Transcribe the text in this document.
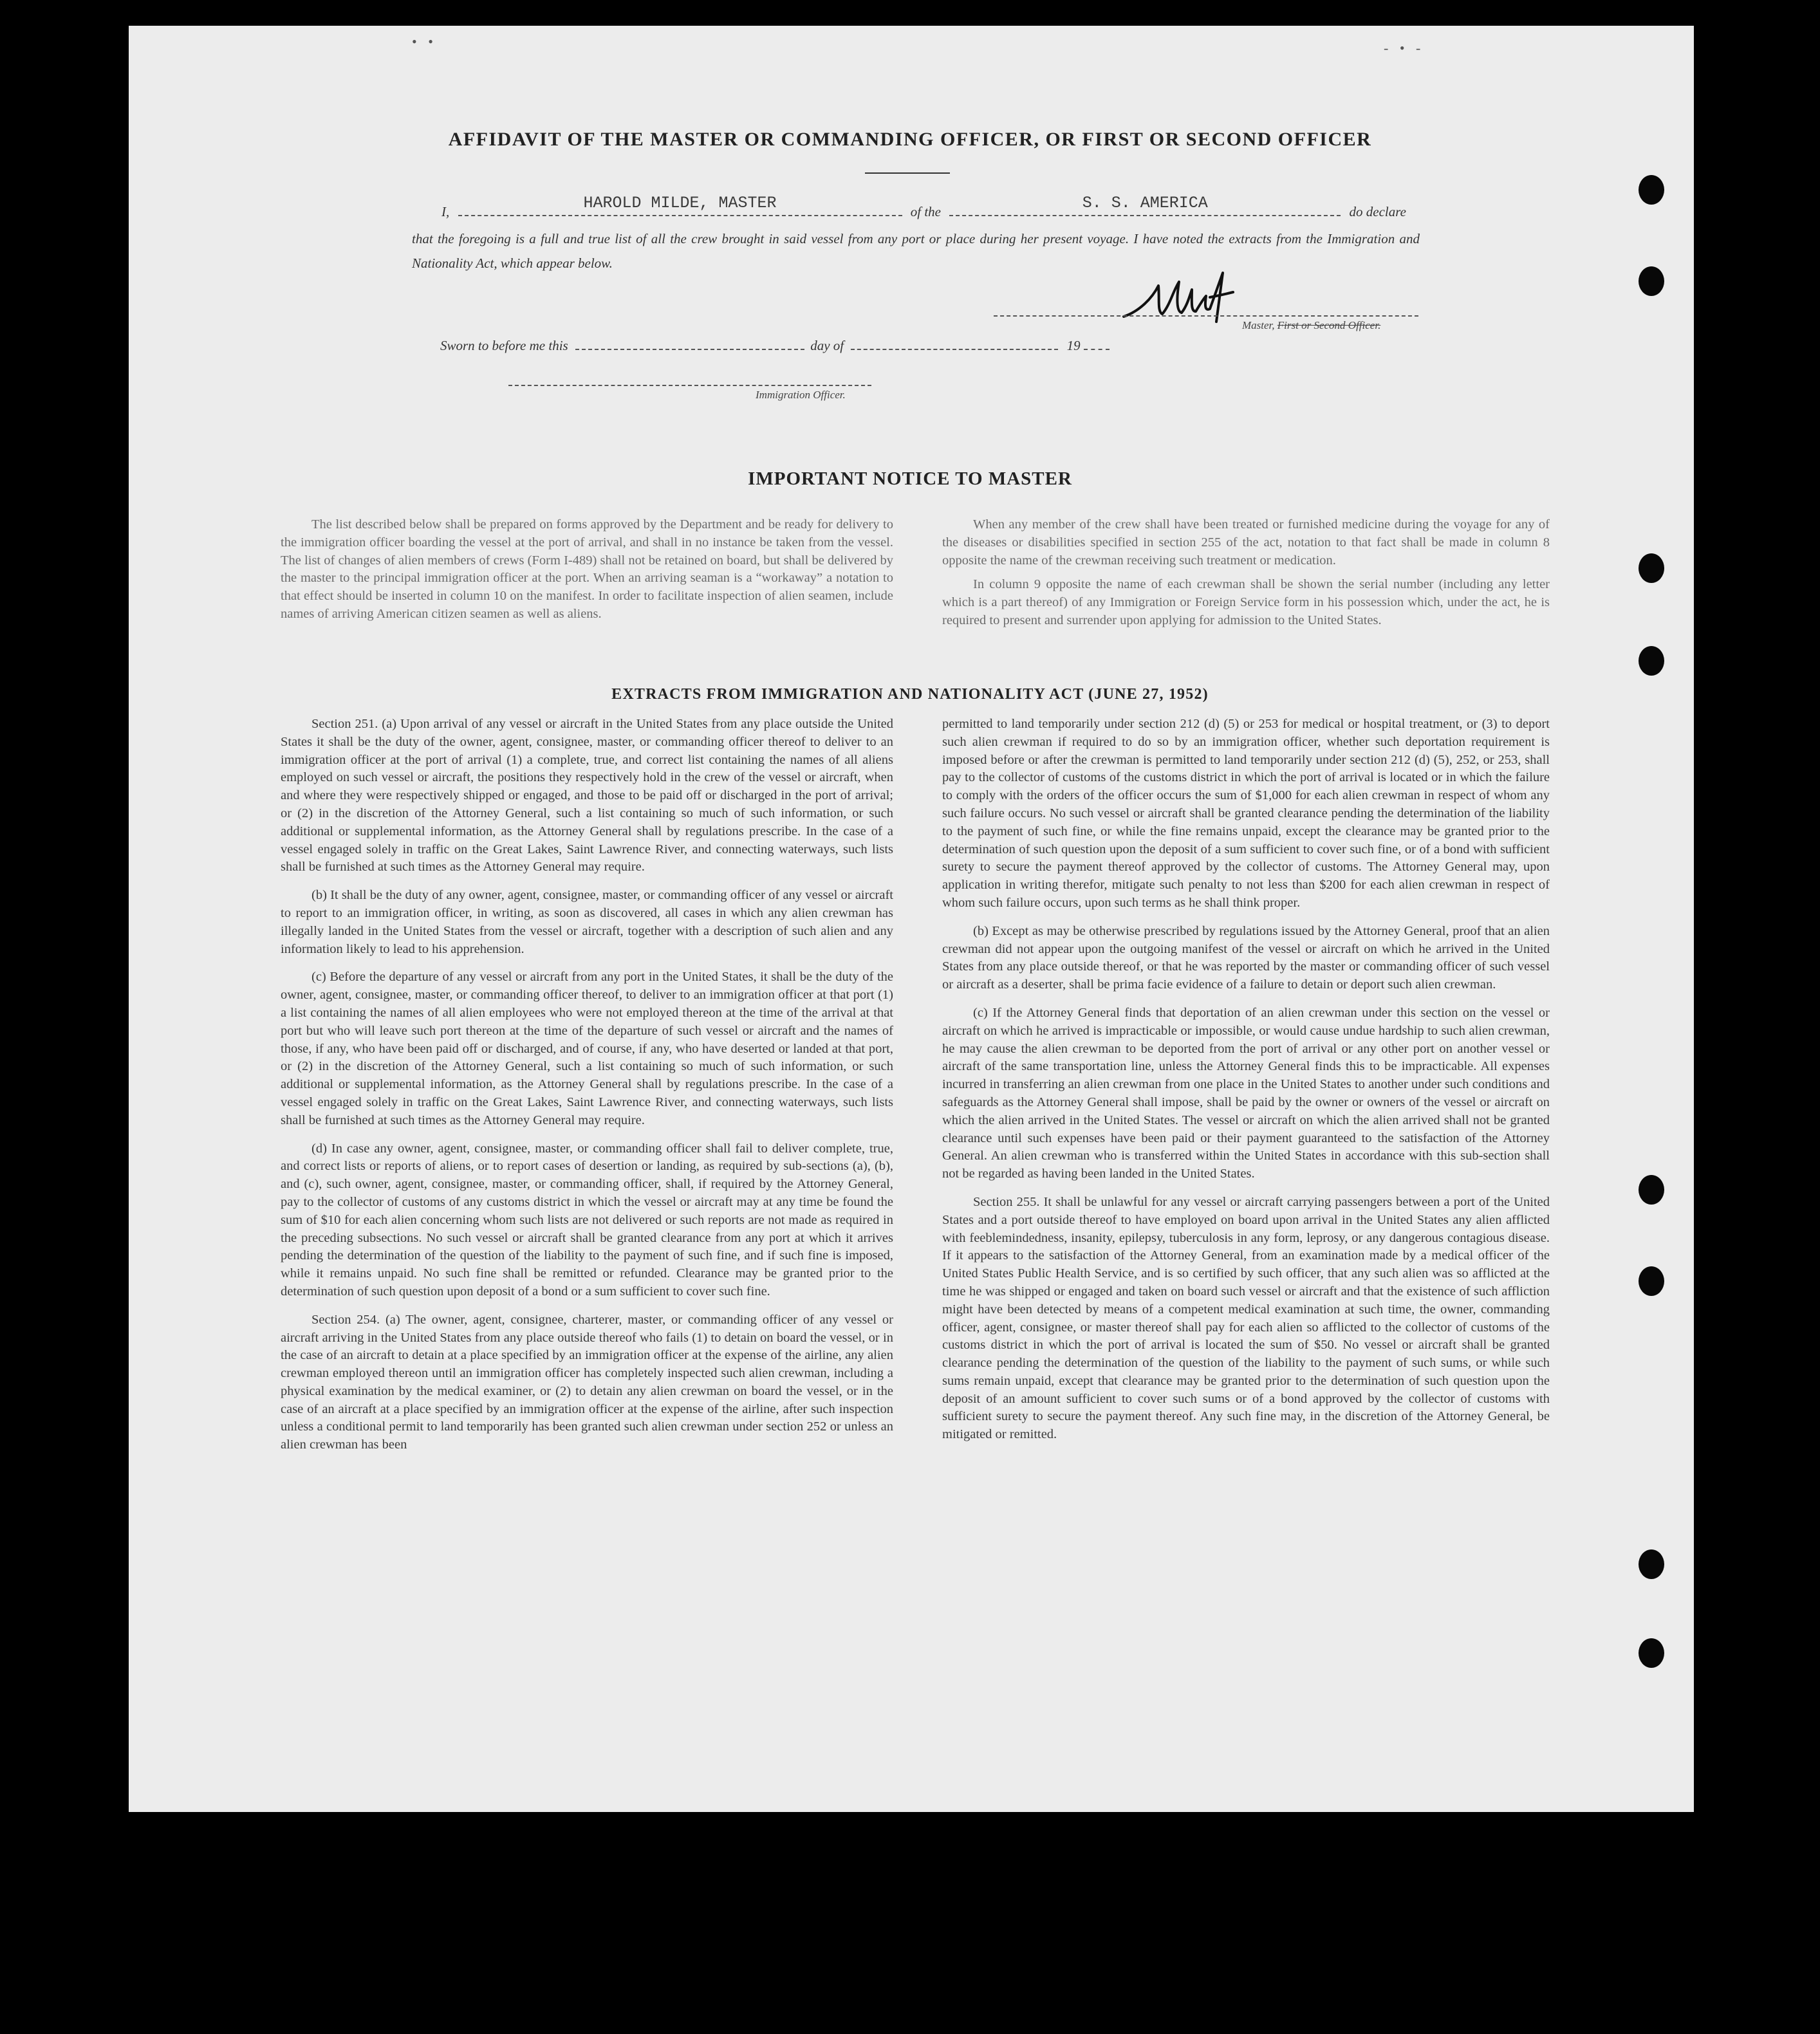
• •	- • -
AFFIDAVIT OF THE MASTER OR COMMANDING OFFICER, OR FIRST OR SECOND OFFICER
I,	HAROLD MILDE, MASTER	of the	S. S. AMERICA	do declare
that the foregoing is a full and true list of all the crew brought in said vessel from any port or place during her present voyage. I have noted the extracts from the Immigration and Nationality Act, which appear below.
Master, First or Second Officer.
Sworn to before me this	day of	19
Immigration Officer.
IMPORTANT NOTICE TO MASTER

The list described below shall be prepared on forms approved by the Department and be ready for delivery to the immigration officer boarding the vessel at the port of arrival, and shall in no instance be taken from the vessel. The list of changes of alien members of crews (Form I-489) shall not be retained on board, but shall be delivered by the master to the principal immigration officer at the port. When an arriving seaman is a “workaway” a notation to that effect should be inserted in column 10 on the manifest. In order to facilitate inspection of alien seamen, include names of arriving American citizen seamen as well as aliens.

When any member of the crew shall have been treated or furnished medicine during the voyage for any of the diseases or disabilities specified in section 255 of the act, notation to that fact shall be made in column 8 opposite the name of the crewman receiving such treatment or medication.

In column 9 opposite the name of each crewman shall be shown the serial number (including any letter which is a part thereof) of any Immigration or Foreign Service form in his possession which, under the act, he is required to present and surrender upon applying for admission to the United States.

EXTRACTS FROM IMMIGRATION AND NATIONALITY ACT (JUNE 27, 1952)

Section 251. (a) Upon arrival of any vessel or aircraft in the United States from any place outside the United States it shall be the duty of the owner, agent, consignee, master, or commanding officer thereof to deliver to an immigration officer at the port of arrival (1) a complete, true, and correct list containing the names of all aliens employed on such vessel or aircraft, the positions they respectively hold in the crew of the vessel or aircraft, when and where they were respectively shipped or engaged, and those to be paid off or discharged in the port of arrival; or (2) in the discretion of the Attorney General, such a list containing so much of such information, or such additional or supplemental information, as the Attorney General shall by regulations prescribe. In the case of a vessel engaged solely in traffic on the Great Lakes, Saint Lawrence River, and connecting waterways, such lists shall be furnished at such times as the Attorney General may require.

(b) It shall be the duty of any owner, agent, consignee, master, or commanding officer of any vessel or aircraft to report to an immigration officer, in writing, as soon as discovered, all cases in which any alien crewman has illegally landed in the United States from the vessel or aircraft, together with a description of such alien and any information likely to lead to his apprehension.

(c) Before the departure of any vessel or aircraft from any port in the United States, it shall be the duty of the owner, agent, consignee, master, or commanding officer thereof, to deliver to an immigration officer at that port (1) a list containing the names of all alien employees who were not employed thereon at the time of the arrival at that port but who will leave such port thereon at the time of the departure of such vessel or aircraft and the names of those, if any, who have been paid off or discharged, and of course, if any, who have deserted or landed at that port, or (2) in the discretion of the Attorney General, such a list containing so much of such information, or such additional or supplemental information, as the Attorney General shall by regulations prescribe. In the case of a vessel engaged solely in traffic on the Great Lakes, Saint Lawrence River, and connecting waterways, such lists shall be furnished at such times as the Attorney General may require.

(d) In case any owner, agent, consignee, master, or commanding officer shall fail to deliver complete, true, and correct lists or reports of aliens, or to report cases of desertion or landing, as required by sub-sections (a), (b), and (c), such owner, agent, consignee, master, or commanding officer, shall, if required by the Attorney General, pay to the collector of customs of any customs district in which the vessel or aircraft may at any time be found the sum of $10 for each alien concerning whom such lists are not delivered or such reports are not made as required in the preceding subsections. No such vessel or aircraft shall be granted clearance from any port at which it arrives pending the determination of the question of the liability to the payment of such fine, and if such fine is imposed, while it remains unpaid. No such fine shall be remitted or refunded. Clearance may be granted prior to the determination of such question upon deposit of a bond or a sum sufficient to cover such fine.

Section 254. (a) The owner, agent, consignee, charterer, master, or commanding officer of any vessel or aircraft arriving in the United States from any place outside thereof who fails (1) to detain on board the vessel, or in the case of an aircraft to detain at a place specified by an immigration officer at the expense of the airline, any alien crewman employed thereon until an immigration officer has completely inspected such alien crewman, including a physical examination by the medical examiner, or (2) to detain any alien crewman on board the vessel, or in the case of an aircraft at a place specified by an immigration officer at the expense of the airline, after such inspection unless a conditional permit to land temporarily has been granted such alien crewman under section 252 or unless an alien crewman has been

permitted to land temporarily under section 212 (d) (5) or 253 for medical or hospital treatment, or (3) to deport such alien crewman if required to do so by an immigration officer, whether such deportation requirement is imposed before or after the crewman is permitted to land temporarily under section 212 (d) (5), 252, or 253, shall pay to the collector of customs of the customs district in which the port of arrival is located or in which the failure to comply with the orders of the officer occurs the sum of $1,000 for each alien crewman in respect of whom any such failure occurs. No such vessel or aircraft shall be granted clearance pending the determination of the liability to the payment of such fine, or while the fine remains unpaid, except the clearance may be granted prior to the determination of such question upon the deposit of a sum sufficient to cover such fine, or of a bond with sufficient surety to secure the payment thereof approved by the collector of customs. The Attorney General may, upon application in writing therefor, mitigate such penalty to not less than $200 for each alien crewman in respect of whom such failure occurs, upon such terms as he shall think proper.

(b) Except as may be otherwise prescribed by regulations issued by the Attorney General, proof that an alien crewman did not appear upon the outgoing manifest of the vessel or aircraft on which he arrived in the United States from any place outside thereof, or that he was reported by the master or commanding officer of such vessel or aircraft as a deserter, shall be prima facie evidence of a failure to detain or deport such alien crewman.

(c) If the Attorney General finds that deportation of an alien crewman under this section on the vessel or aircraft on which he arrived is impracticable or impossible, or would cause undue hardship to such alien crewman, he may cause the alien crewman to be deported from the port of arrival or any other port on another vessel or aircraft of the same transportation line, unless the Attorney General finds this to be impracticable. All expenses incurred in transferring an alien crewman from one place in the United States to another under such conditions and safeguards as the Attorney General shall impose, shall be paid by the owner or owners of the vessel or aircraft on which the alien arrived in the United States. The vessel or aircraft on which the alien arrived shall not be granted clearance until such expenses have been paid or their payment guaranteed to the satisfaction of the Attorney General. An alien crewman who is transferred within the United States in accordance with this sub-section shall not be regarded as having been landed in the United States.

Section 255. It shall be unlawful for any vessel or aircraft carrying passengers between a port of the United States and a port outside thereof to have employed on board upon arrival in the United States any alien afflicted with feeblemindedness, insanity, epilepsy, tuberculosis in any form, leprosy, or any dangerous contagious disease. If it appears to the satisfaction of the Attorney General, from an examination made by a medical officer of the United States Public Health Service, and is so certified by such officer, that any such alien was so afflicted at the time he was shipped or engaged and taken on board such vessel or aircraft and that the existence of such affliction might have been detected by means of a competent medical examination at such time, the owner, commanding officer, agent, consignee, or master thereof shall pay for each alien so afflicted to the collector of customs of the customs district in which the port of arrival is located the sum of $50. No vessel or aircraft shall be granted clearance pending the determination of the question of the liability to the payment of such sums, or while such sums remain unpaid, except that clearance may be granted prior to the determination of such question upon the deposit of an amount sufficient to cover such sums or of a bond approved by the collector of customs with sufficient surety to secure the payment thereof. Any such fine may, in the discretion of the Attorney General, be mitigated or remitted.
